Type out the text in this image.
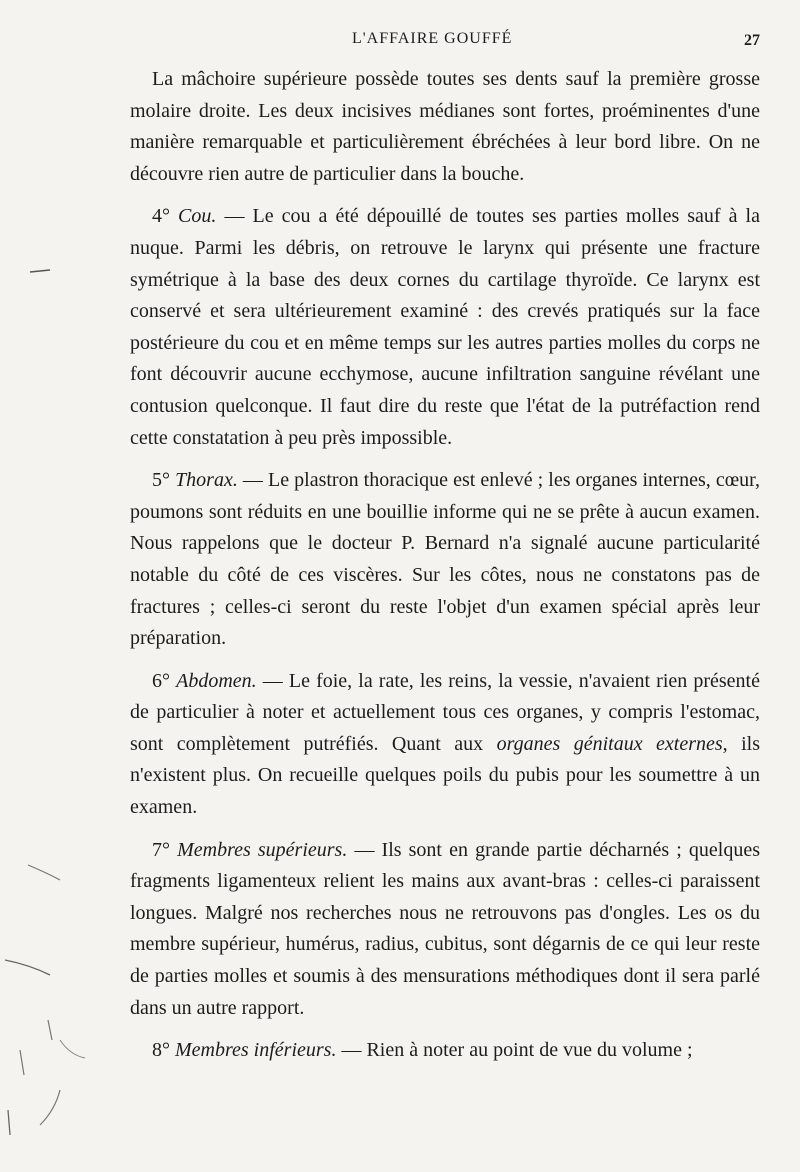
L'AFFAIRE GOUFFÉ	27

La mâchoire supérieure possède toutes ses dents sauf la première grosse molaire droite. Les deux incisives médianes sont fortes, proéminentes d'une manière remarquable et particulièrement ébréchées à leur bord libre. On ne découvre rien autre de particulier dans la bouche.

4° Cou. — Le cou a été dépouillé de toutes ses parties molles sauf à la nuque. Parmi les débris, on retrouve le larynx qui présente une fracture symétrique à la base des deux cornes du cartilage thyroïde. Ce larynx est conservé et sera ultérieurement examiné : des crevés pratiqués sur la face postérieure du cou et en même temps sur les autres parties molles du corps ne font découvrir aucune ecchymose, aucune infiltration sanguine révélant une contusion quelconque. Il faut dire du reste que l'état de la putréfaction rend cette constatation à peu près impossible.

5° Thorax. — Le plastron thoracique est enlevé ; les organes internes, cœur, poumons sont réduits en une bouillie informe qui ne se prête à aucun examen. Nous rappelons que le docteur P. Bernard n'a signalé aucune particularité notable du côté de ces viscères. Sur les côtes, nous ne constatons pas de fractures ; celles-ci seront du reste l'objet d'un examen spécial après leur préparation.

6° Abdomen. — Le foie, la rate, les reins, la vessie, n'avaient rien présenté de particulier à noter et actuellement tous ces organes, y compris l'estomac, sont complètement putréfiés. Quant aux organes génitaux externes, ils n'existent plus. On recueille quelques poils du pubis pour les soumettre à un examen.

7° Membres supérieurs. — Ils sont en grande partie décharnés ; quelques fragments ligamenteux relient les mains aux avant-bras : celles-ci paraissent longues. Malgré nos recherches nous ne retrouvons pas d'ongles. Les os du membre supérieur, humérus, radius, cubitus, sont dégarnis de ce qui leur reste de parties molles et soumis à des mensurations méthodiques dont il sera parlé dans un autre rapport.

8° Membres inférieurs. — Rien à noter au point de vue du volume ;
